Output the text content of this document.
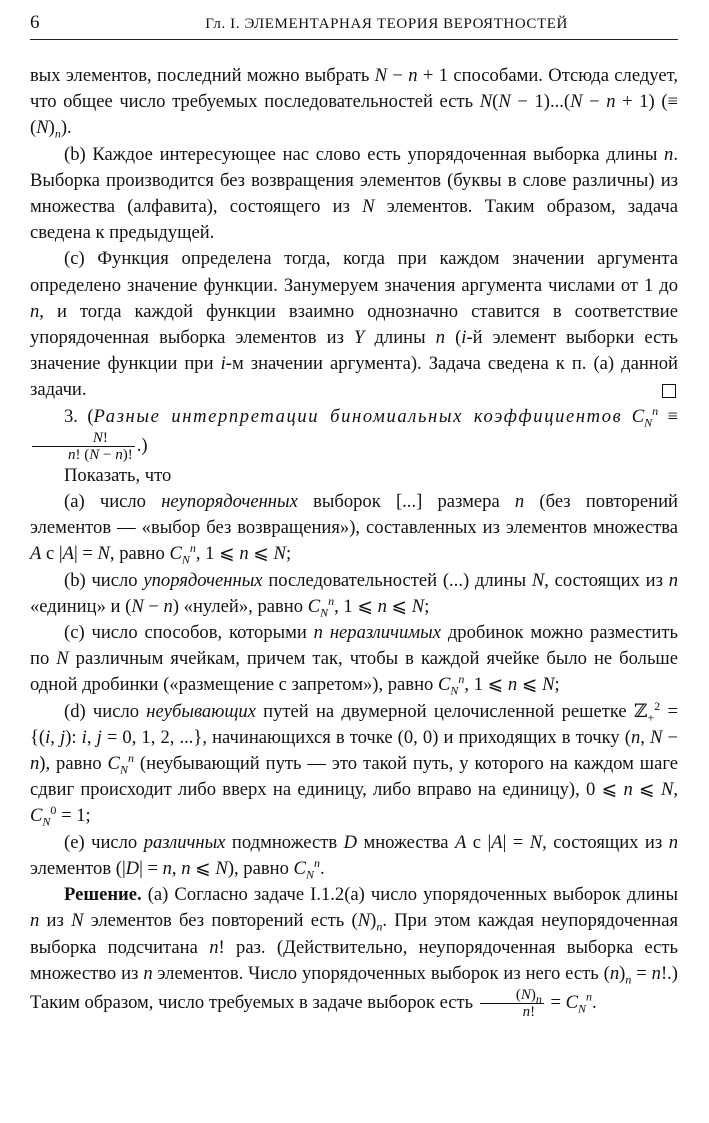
6	Гл. I. ЭЛЕМЕНТАРНАЯ ТЕОРИЯ ВЕРОЯТНОСТЕЙ

вых элементов, последний можно выбрать N − n + 1 способами. Отсюда следует, что общее число требуемых последовательностей есть N(N − 1)...(N − n + 1) (≡ $(N)_n$).

(b) Каждое интересующее нас слово есть упорядоченная выборка длины n. Выборка производится без возвращения элементов (буквы в слове различны) из множества (алфавита), состоящего из N элементов. Таким образом, задача сведена к предыдущей.

(c) Функция определена тогда, когда при каждом значении аргумента определено значение функции. Занумеруем значения аргумента числами от 1 до n, и тогда каждой функции взаимно однозначно ставится в соответствие упорядоченная выборка элементов из Y длины n (i-й элемент выборки есть значение функции при i-м значении аргумента). Задача сведена к п. (a) данной задачи.

3. (Разные интерпретации биномиальных коэффициентов $C_N^n$ ≡
$\frac{N!}{n! (N - n)!}$ .)

Показать, что

(a) число неупорядоченных выборок [...] размера n (без повторений элементов — «выбор без возвращения»), составленных из элементов множества A с |A| = N, равно $C_N^n$, 1 ⩽ n ⩽ N;

(b) число упорядоченных последовательностей (...) длины N, состоящих из n «единиц» и (N − n) «нулей», равно $C_N^n$, 1 ⩽ n ⩽ N;

(c) число способов, которыми n неразличимых дробинок можно разместить по N различным ячейкам, причем так, чтобы в каждой ячейке было не больше одной дробинки («размещение с запретом»), равно $C_N^n$, 1 ⩽ n ⩽ N;

(d) число неубывающих путей на двумерной целочисленной решетке ℤ$_+^2$ = {(i, j): i, j = 0, 1, 2, ...}, начинающихся в точке (0, 0) и приходящих в точку (n, N − n), равно $C_N^n$ (неубывающий путь — это такой путь, у которого на каждом шаге сдвиг происходит либо вверх на единицу, либо вправо на единицу), 0 ⩽ n ⩽ N, $C_N^0 = 1$;

(e) число различных подмножеств D множества A с |A| = N, состоящих из n элементов (|D| = n, n ⩽ N), равно $C_N^n$.

Решение. (a) Согласно задаче I.1.2(a) число упорядоченных выборок длины n из N элементов без повторений есть $(N)_n$. При этом каждая неупорядоченная выборка подсчитана n! раз. (Действительно, неупорядоченная выборка есть множество из n элементов. Число упорядоченных выборок из него есть $(n)_n = n$!.) Таким образом, число требуемых в задаче выборок есть $\frac{(N)_n}{n!} = C_N^n$.
